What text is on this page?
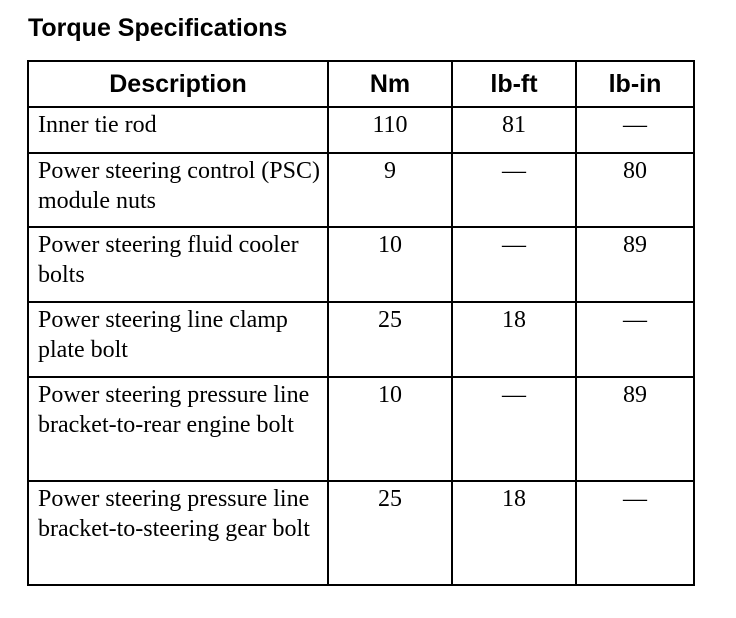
Torque Specifications
Description	Nm	lb-ft	lb-in
Inner tie rod	110	81	—
Power steering control (PSC) module nuts	9	—	80
Power steering fluid cooler bolts	10	—	89
Power steering line clamp plate bolt	25	18	—
Power steering pressure line bracket-to-rear engine bolt	10	—	89
Power steering pressure line bracket-to-steering gear bolt	25	18	—
